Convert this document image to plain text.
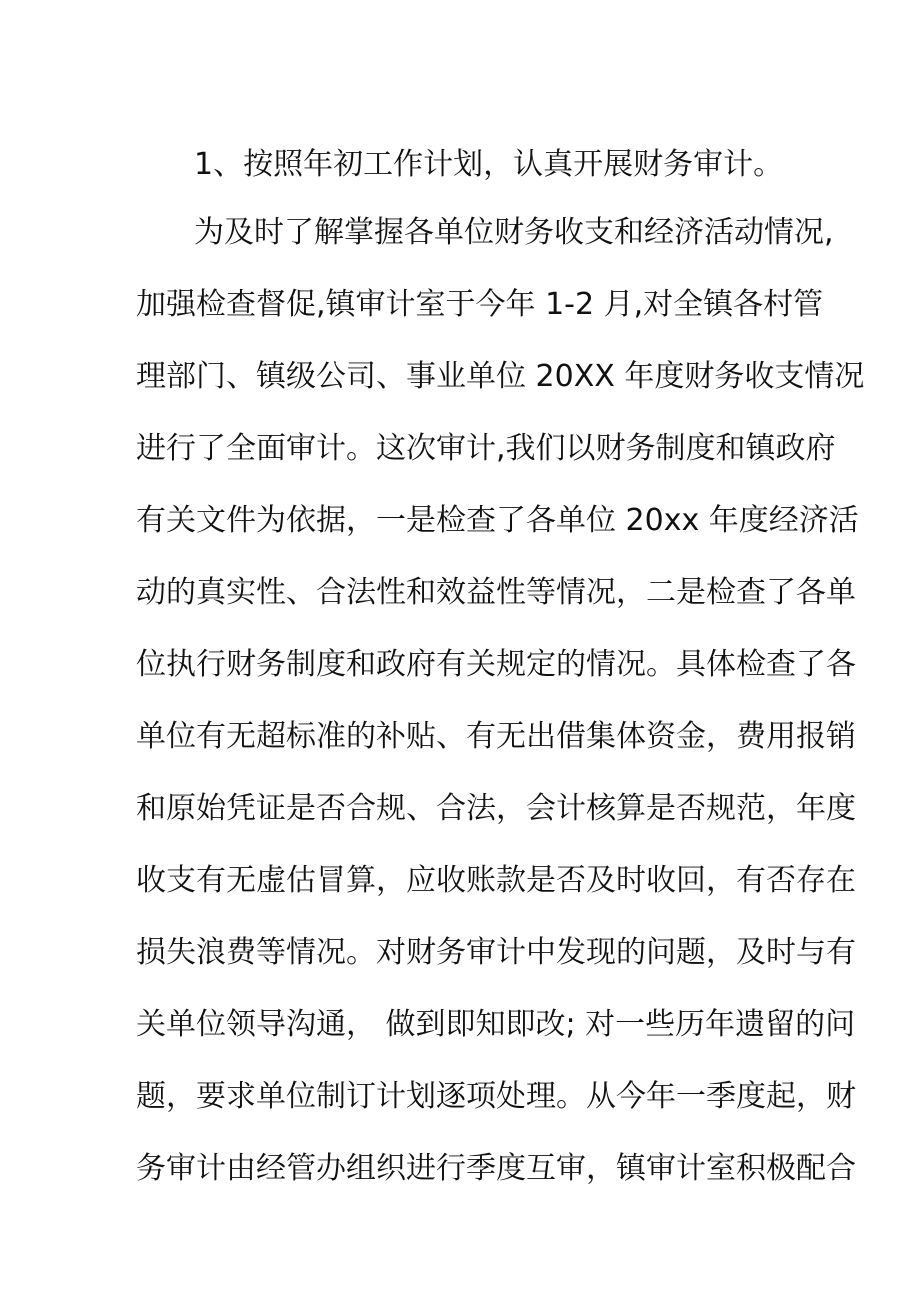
1、按照年初工作计划，认真开展财务审计。
为及时了解掌握各单位财务收支和经济活动情况,
加强检查督促,镇审计室于今年 1-2 月,对全镇各村管
理部门、镇级公司、事业单位 20XX 年度财务收支情况
进行了全面审计。这次审计,我们以财务制度和镇政府
有关文件为依据，一是检查了各单位 20xx 年度经济活
动的真实性、合法性和效益性等情况，二是检查了各单
位执行财务制度和政府有关规定的情况。具体检查了各
单位有无超标准的补贴、有无出借集体资金，费用报销
和原始凭证是否合规、合法，会计核算是否规范，年度
收支有无虚估冒算，应收账款是否及时收回，有否存在
损失浪费等情况。对财务审计中发现的问题，及时与有
关单位领导沟通， 做到即知即改; 对一些历年遗留的问
题，要求单位制订计划逐项处理。从今年一季度起，财
务审计由经管办组织进行季度互审，镇审计室积极配合
